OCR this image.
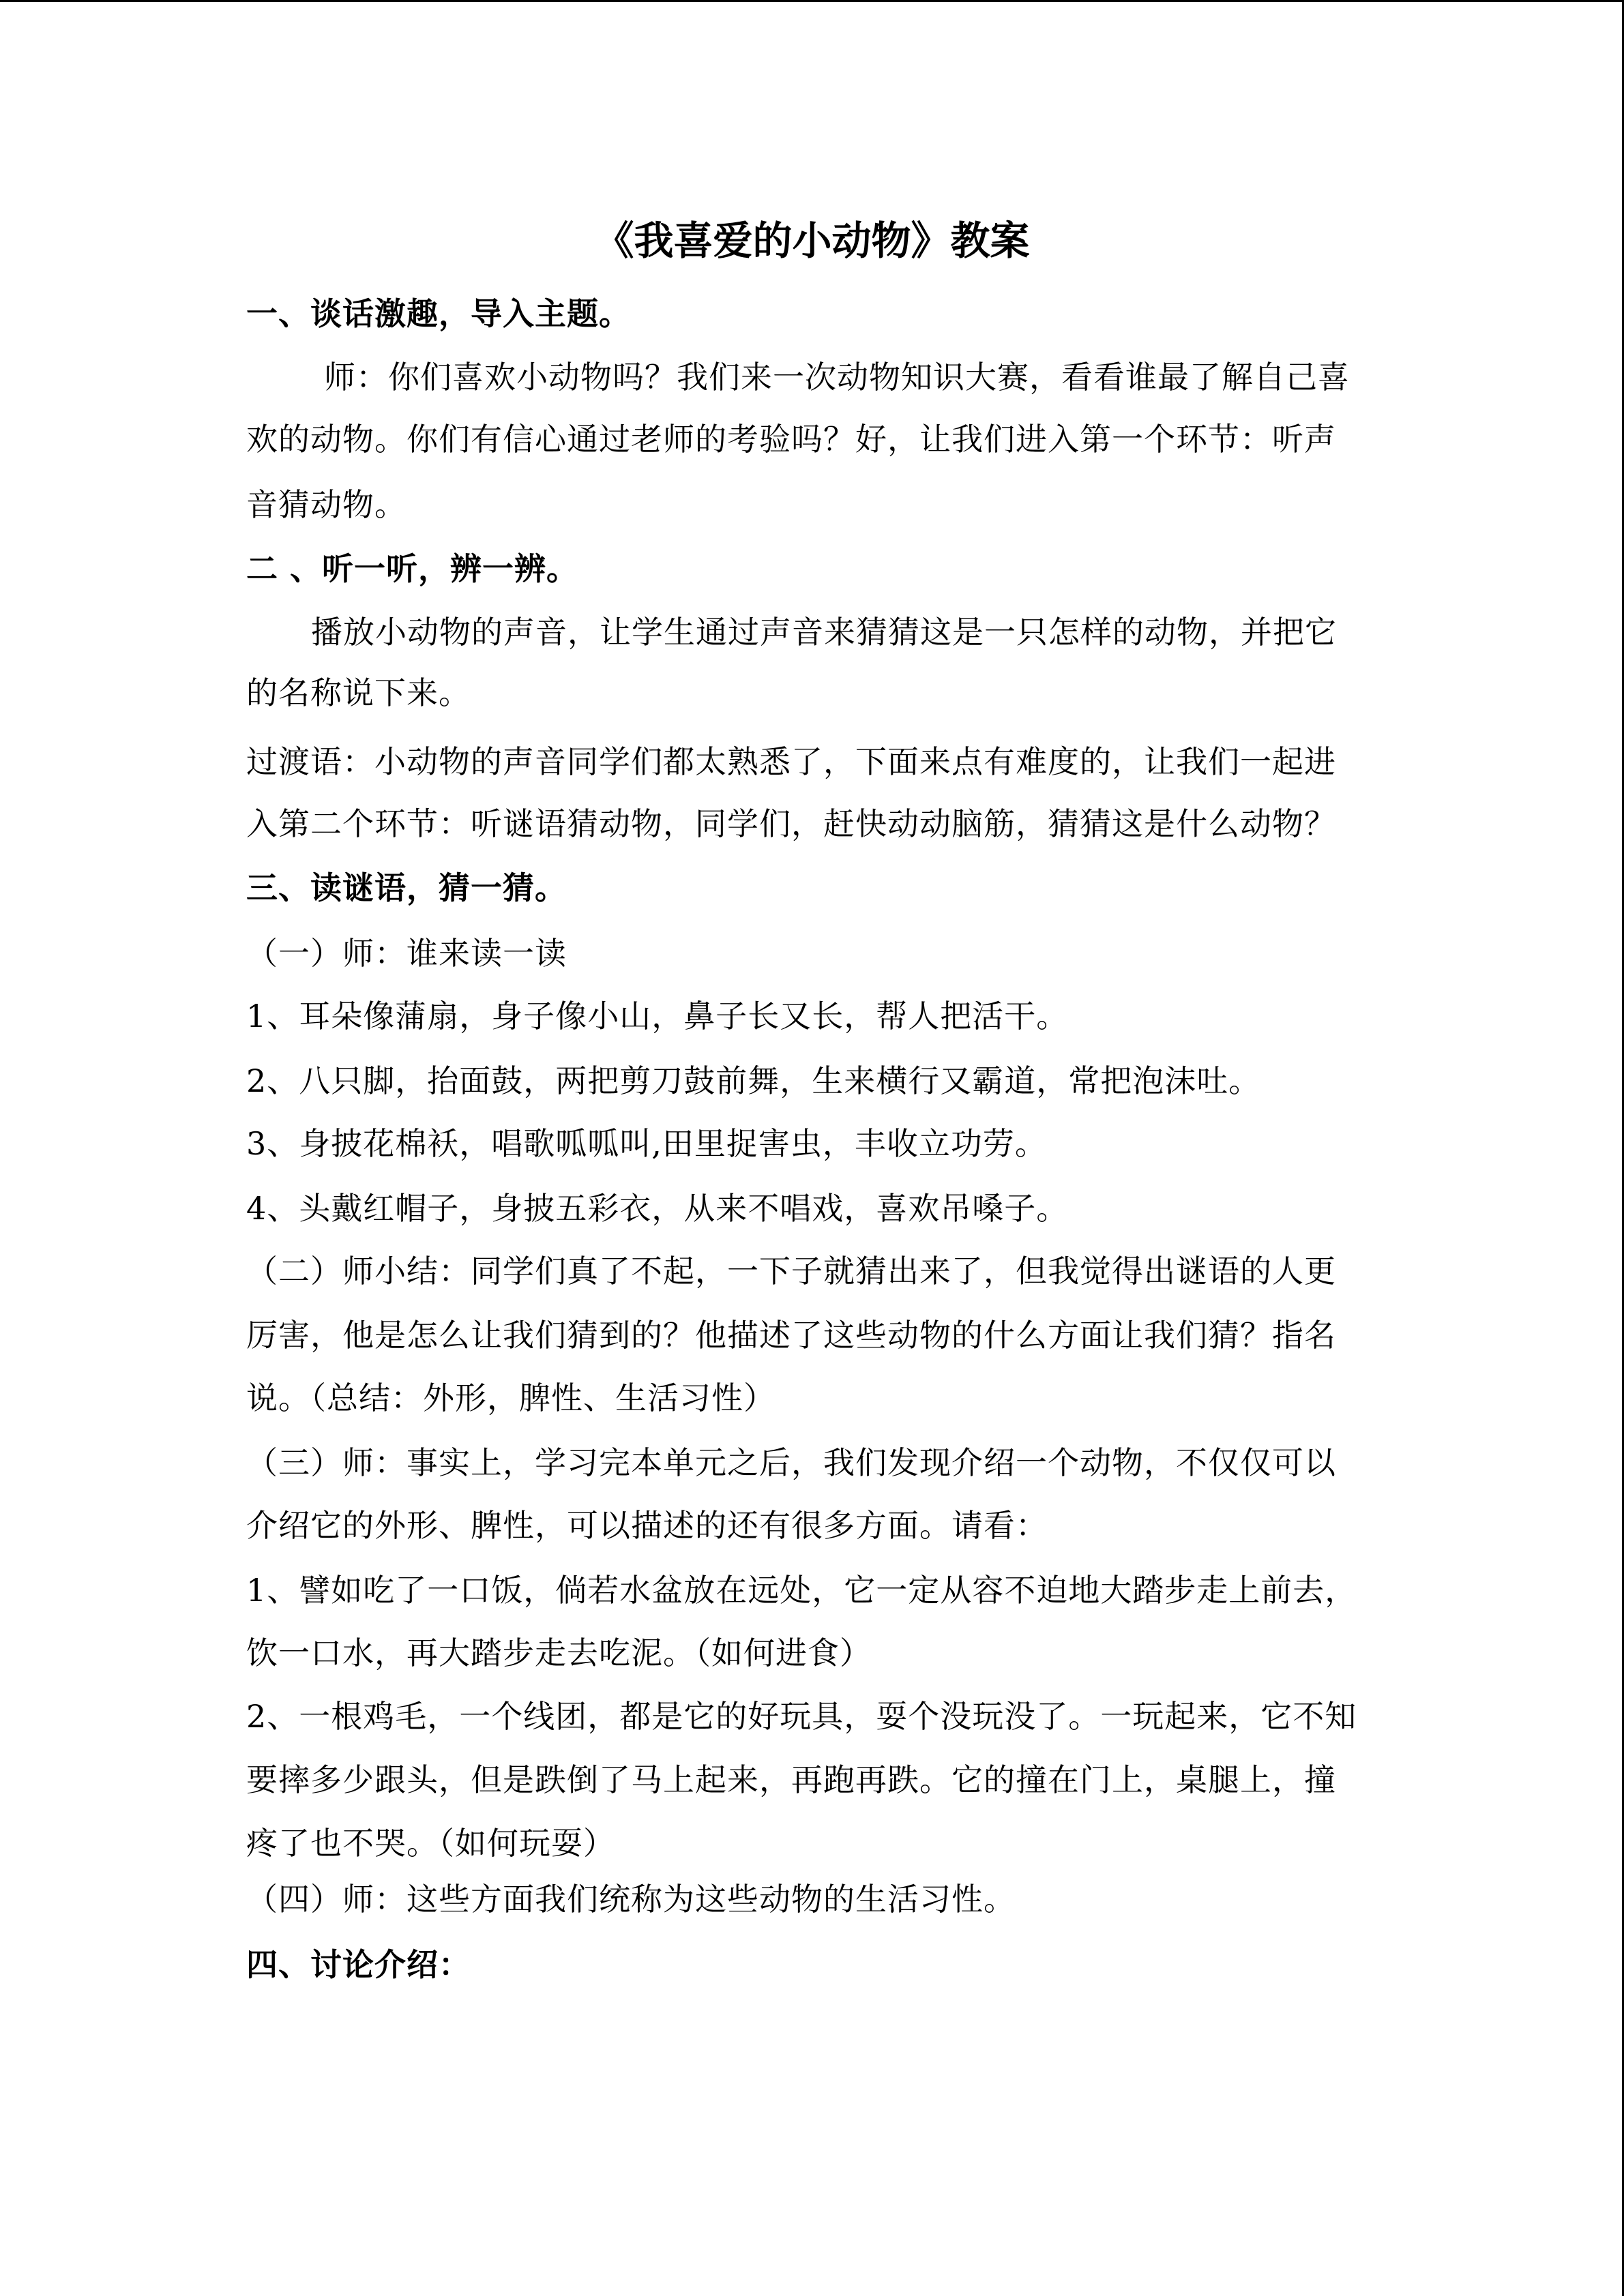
《我喜爱的小动物》教案
一、谈话激趣，导入主题。
师：你们喜欢小动物吗？我们来一次动物知识大赛，看看谁最了解自己喜
欢的动物。你们有信心通过老师的考验吗？好，让我们进入第一个环节：听声
音猜动物。
二 、听一听，辨一辨。
播放小动物的声音，让学生通过声音来猜猜这是一只怎样的动物，并把它
的名称说下来。
过渡语：小动物的声音同学们都太熟悉了，下面来点有难度的，让我们一起进
入第二个环节：听谜语猜动物，同学们，赶快动动脑筋，猜猜这是什么动物？
三、读谜语，猜一猜。
（一）师：谁来读一读
1、耳朵像蒲扇，身子像小山，鼻子长又长，帮人把活干。
2、八只脚，抬面鼓，两把剪刀鼓前舞，生来横行又霸道，常把泡沫吐。
3、身披花棉袄，唱歌呱呱叫,田里捉害虫，丰收立功劳。
4、头戴红帽子，身披五彩衣，从来不唱戏，喜欢吊嗓子。
（二）师小结：同学们真了不起，一下子就猜出来了，但我觉得出谜语的人更
厉害，他是怎么让我们猜到的？他描述了这些动物的什么方面让我们猜？指名
说。（总结：外形，脾性、生活习性）
（三）师：事实上，学习完本单元之后，我们发现介绍一个动物，不仅仅可以
介绍它的外形、脾性，可以描述的还有很多方面。请看：
1、譬如吃了一口饭，倘若水盆放在远处，它一定从容不迫地大踏步走上前去，
饮一口水，再大踏步走去吃泥。（如何进食）
2、一根鸡毛，一个线团，都是它的好玩具，耍个没玩没了。一玩起来，它不知
要摔多少跟头，但是跌倒了马上起来，再跑再跌。它的撞在门上，桌腿上，撞
疼了也不哭。（如何玩耍）
（四）师：这些方面我们统称为这些动物的生活习性。
四、讨论介绍：
